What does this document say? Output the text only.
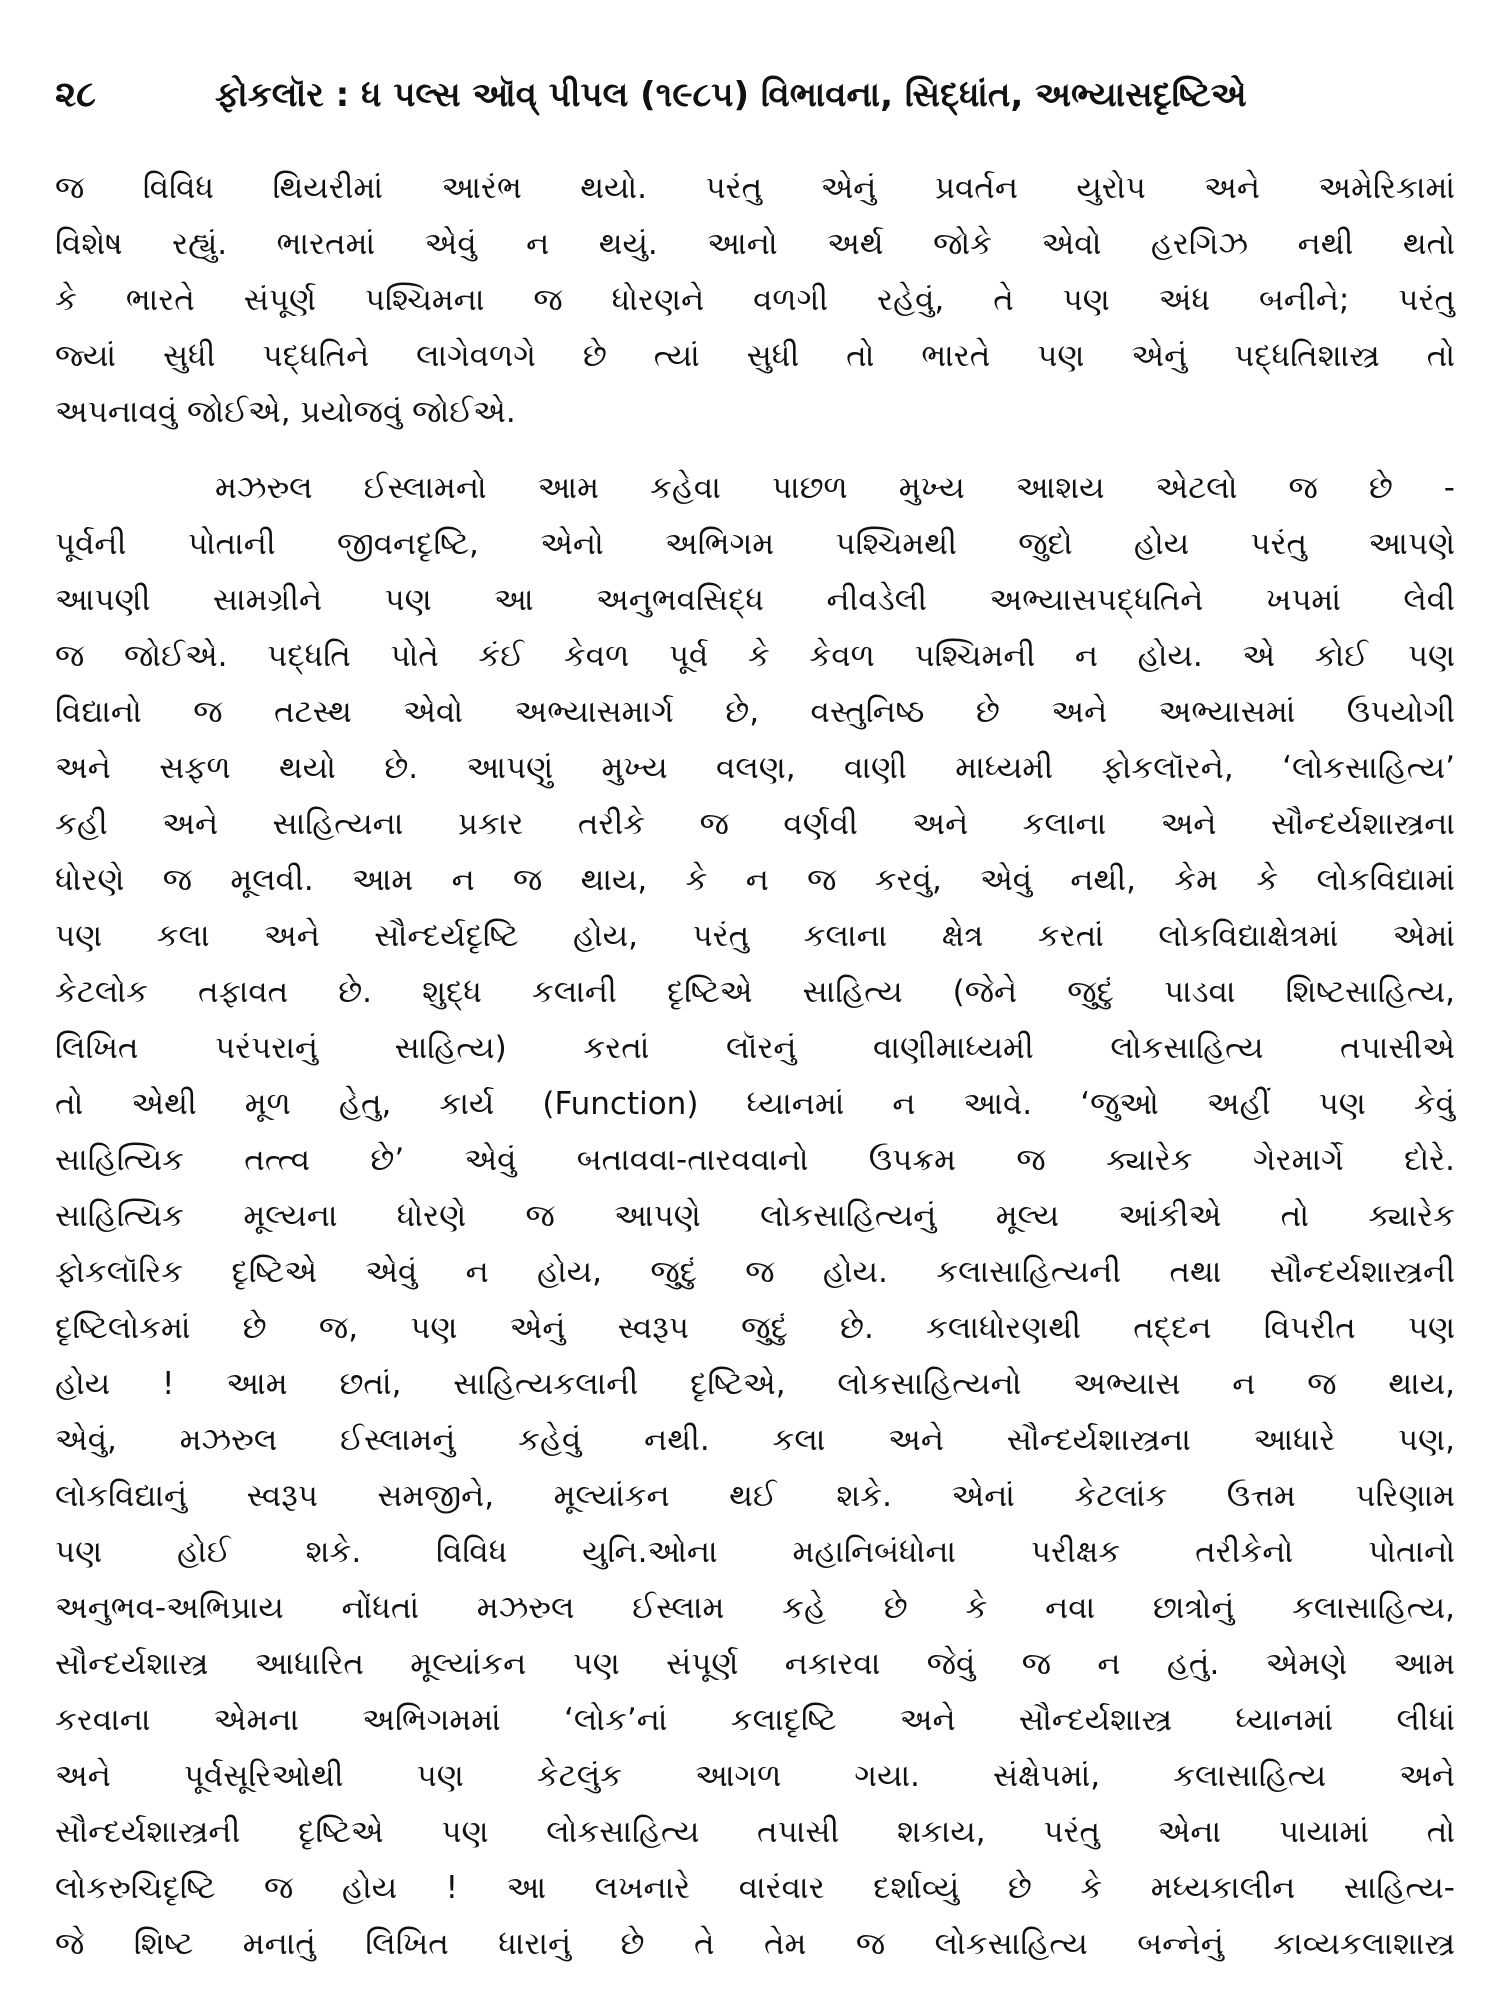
૨૮	ફોકલૉર : ધ પલ્સ ઑવ્ પીપલ (૧૯૮૫) વિભાવના, સિદ્ધાંત, અભ્યાસદૃષ્ટિએ
જ વિવિધ થિયરીમાં આરંભ થયો. પરંતુ એનું પ્રવર્તન યુરોપ અને અમેરિકામાં
વિશેષ રહ્યું. ભારતમાં એવું ન થયું. આનો અર્થ જોકે એવો હરગિઝ નથી થતો
કે ભારતે સંપૂર્ણ પશ્ચિમના જ ધોરણને વળગી રહેવું, તે પણ અંધ બનીને; પરંતુ
જ્યાં સુધી પદ્ધતિને લાગેવળગે છે ત્યાં સુધી તો ભારતે પણ એનું પદ્ધતિશાસ્ત્ર તો
અપનાવવું જોઈએ, પ્રયોજવું જોઈએ.
મઝરુલ ઈસ્લામનો આમ કહેવા પાછળ મુખ્ય આશય એટલો જ છે -
પૂર્વની પોતાની જીવનદૃષ્ટિ, એનો અભિગમ પશ્ચિમથી જુદો હોય પરંતુ આપણે
આપણી સામગ્રીને પણ આ અનુભવસિદ્ધ નીવડેલી અભ્યાસપદ્ધતિને ખપમાં લેવી
જ જોઈએ. પદ્ધતિ પોતે કંઈ કેવળ પૂર્વ કે કેવળ પશ્ચિમની ન હોય. એ કોઈ પણ
વિદ્યાનો જ તટસ્થ એવો અભ્યાસમાર્ગ છે, વસ્તુનિષ્ઠ છે અને અભ્યાસમાં ઉપયોગી
અને સફળ થયો છે. આપણું મુખ્ય વલણ, વાણી માધ્યમી ફોકલૉરને, ‘લોકસાહિત્ય’
કહી અને સાહિત્યના પ્રકાર તરીકે જ વર્ણવી અને કલાના અને સૌન્દર્યશાસ્ત્રના
ધોરણે જ મૂલવી. આમ ન જ થાય, કે ન જ કરવું, એવું નથી, કેમ કે લોકવિદ્યામાં
પણ કલા અને સૌન્દર્યદૃષ્ટિ હોય, પરંતુ કલાના ક્ષેત્ર કરતાં લોકવિદ્યાક્ષેત્રમાં એમાં
કેટલોક તફાવત છે. શુદ્ધ કલાની દૃષ્ટિએ સાહિત્ય (જેને જુદું પાડવા શિષ્ટસાહિત્ય,
લિખિત પરંપરાનું સાહિત્ય) કરતાં લૉરનું વાણીમાધ્યમી લોકસાહિત્ય તપાસીએ
તો એથી મૂળ હેતુ, કાર્ય (Function) ધ્યાનમાં ન આવે. ‘જુઓ અહીં પણ કેવું
સાહિત્યિક તત્ત્વ છે’ એવું બતાવવા-તારવવાનો ઉપક્રમ જ ક્યારેક ગેરમાર્ગે દોરે.
સાહિત્યિક મૂલ્યના ધોરણે જ આપણે લોકસાહિત્યનું મૂલ્ય આંકીએ તો ક્યારેક
ફોકલૉરિક દૃષ્ટિએ એવું ન હોય, જુદું જ હોય. કલાસાહિત્યની તથા સૌન્દર્યશાસ્ત્રની
દૃષ્ટિલોકમાં છે જ, પણ એનું સ્વરૂપ જુદું છે. કલાધોરણથી તદ્દન વિપરીત પણ
હોય ! આમ છતાં, સાહિત્યકલાની દૃષ્ટિએ, લોકસાહિત્યનો અભ્યાસ ન જ થાય,
એવું, મઝરુલ ઈસ્લામનું કહેવું નથી. કલા અને સૌન્દર્યશાસ્ત્રના આધારે પણ,
લોકવિદ્યાનું સ્વરૂપ સમજીને, મૂલ્યાંકન થઈ શકે. એનાં કેટલાંક ઉત્તમ પરિણામ
પણ હોઈ શકે. વિવિધ યુનિ.ઓના મહાનિબંધોના પરીક્ષક તરીકેનો પોતાનો
અનુભવ-અભિપ્રાય નોંધતાં મઝરુલ ઈસ્લામ કહે છે કે નવા છાત્રોનું કલાસાહિત્ય,
સૌન્દર્યશાસ્ત્ર આધારિત મૂલ્યાંકન પણ સંપૂર્ણ નકારવા જેવું જ ન હતું. એમણે આમ
કરવાના એમના અભિગમમાં ‘લોક’નાં કલાદૃષ્ટિ અને સૌન્દર્યશાસ્ત્ર ધ્યાનમાં લીધાં
અને પૂર્વસૂરિઓથી પણ કેટલુંક આગળ ગયા. સંક્ષેપમાં, કલાસાહિત્ય અને
સૌન્દર્યશાસ્ત્રની દૃષ્ટિએ પણ લોકસાહિત્ય તપાસી શકાય, પરંતુ એના પાયામાં તો
લોકરુચિદૃષ્ટિ જ હોય ! આ લખનારે વારંવાર દર્શાવ્યું છે કે મધ્યકાલીન સાહિત્ય-
જે શિષ્ટ મનાતું લિખિત ધારાનું છે તે તેમ જ લોકસાહિત્ય બન્નેનું કાવ્યકલાશાસ્ત્ર
